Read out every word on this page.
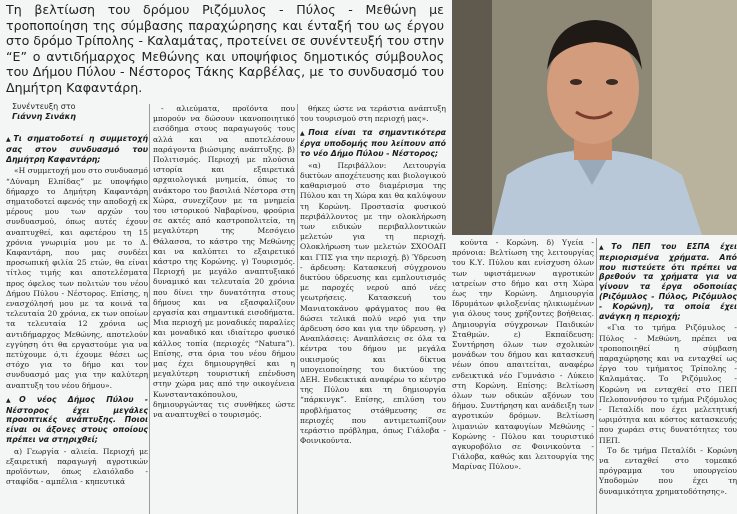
Τη βελτίωση του δρόμου Ριζόμυλος - Πύλος - Μεθώνη με τροποποίηση της σύμβασης παραχώρησης και ένταξή του ως έργου στο δρόμο Τρίπολης - Καλαμάτας, προτείνει σε συνέντευξή του στην “Ε” ο αντιδήμαρχος Μεθώνης και υποψήφιος δημοτικός σύμβουλος του Δήμου Πύλου - Νέστορος Τάκης Καρβέλας, με το συνδυασμό του Δημήτρη Καφαντάρη.
Συνέντευξη στο
Γιάννη Σινάκη

▲ Τι σηματοδοτεί η συμμετοχή σας στον συνδυασμό του Δημήτρη Καφαντάρη;

«Η συμμετοχή μου στο συνδυασμό “Δύναμη Ελπίδας” με υποψήφιο δήμαρχο το Δημήτρη Καφαντάρη σηματοδοτεί αφενός την αποδοχή εκ μέρους μου των αρχών του συνδυασμού, όπως αυτές έχουν αναπτυχθεί, και αφετέρου τη 15 χρόνια γνωριμία μου με το Δ. Καφαντάρη, που μας συνδέει προσωπική φιλία 25 ετών, θα είναι τίτλος τιμής και αποτελέσματα προς όφελος των πολιτών του νέου Δήμου Πύλου - Νέστορος. Επίσης, η ενασχόλησή μου με τα κοινά τα τελευταία 20 χρόνια, εκ των οποίων τα τελευταία 12 χρόνια ως αντιδήμαρχος Μεθώνης, αποτελούν εγγύηση ότι θα εργαστούμε για να πετύχουμε ό,τι έχουμε θέσει ως στόχο για το δήμο και τον συνδυασμό μας για την καλύτερη αναπτυξη του νέου δήμου».

▲ Ο νέος Δήμος Πύλου - Νέστορος έχει μεγάλες προοπτικές ανάπτυξης. Ποιοι είναι οι άξονες στους οποίους πρέπει να στηριχθεί;

α) Γεωργία - αλιεία. Περιοχή με εξαιρετική παραγωγή αγροτικών προϊόντων, όπως ελαιόλαδο - σταφίδα - αμπέλια - κηπευτικά

- αλιεύματα, προϊόντα που μπορούν να δώσουν ικανοποιητικό εισόδημα στους παραγωγούς τους αλλά και να αποτελέσουν παράγοντα βιώσιμης ανάπτυξης. β) Πολιτισμός. Περιοχή με πλούσια ιστορία και εξαιρετικά αρχαιολογικά μνημεία, όπως το ανάκτορο του βασιλιά Νέστορα στη Χώρα, συνεχίζουν με τα μνημεία του ιστορικού Ναβαρίνου, φρούρια σε ακτές από καστροπολιτεία, τη μεγαλύτερη της Μεσόγειο Θάλασσα, το κάστρο της Μεθώνης και να καλύπτει το εξαιρετικό κάστρο της Κορώνης. γ) Τουρισμός. Περιοχή με μεγάλο αναπτυξιακό δυναμικό και τελευταία 20 χρόνια που δίνει την δυνατότητα στους δήμους και να εξασφαλίζουν εργασία και σημαντικά εισοδήματα. Μια περιοχή με μοναδικές παραλίες και μοναδικό και ιδιαίτερο φυσικό κάλλος τοπία (περιοχές “Natura”). Επίσης, στα όρια του νέου δήμου μας έχει δημιουργηθεί και η μεγαλύτερη τουριστική επένδυση στην χώρα μας από την οικογένεια Κωνσταντακόπουλου, δημιουργώντας τις συνθήκες ώστε να αναπτυχθεί ο τουρισμός.

θήκες ώστε να τεράστια ανάπτυξη του τουρισμού στη περιοχή μας».

▲ Ποια είναι τα σημαντικότερα έργα υποδομής που λείπουν από το νέο Δήμο Πύλου - Νέστορος;

«α) Περιβάλλον: Λειτουργία δικτύων αποχέτευσης και βιολογικού καθαρισμού στο διαμέρισμα της Πύλου και τη Χώρα και θα καλύψουν τη Κορώνη. Προστασία φυσικού περιβάλλοντος με την ολοκλήρωση των ειδικών περιβαλλοντικών μελετών για τη περιοχή. Ολοκλήρωση των μελετών ΣΧΟΟΑΠ και ΓΠΣ για την περιοχή. β) Ύδρευση - άρδευση: Κατασκευή σύγχρονου δικτύου ύδρευσης και εμπλουτισμός με παροχές νερού από νέες γεωτρήσεις. Κατασκευή του Μανιατοκάνου φράγματος που θα δώσει τελικά πολύ νερό για την άρδευση όσο και για την ύδρευση. γ) Αναπλάσεις: Αναπλάσεις σε όλα τα κέντρα του δήμου με μεγάλα οικισμούς και δίκτυα υπογειοποίησης του δικτύου της ΔΕΗ. Ενδεικτικά αναφέρω το κέντρο της Πύλου και τη δημιουργία “πάρκινγκ”. Επίσης, επιλύση του προβλήματος στάθμευσης σε περιοχές που αντιμετωπίζουν τεράστιο πρόβλημα, όπως Γιάλοβα - Φοινικούντα.

κούντα - Κορώνη. δ) Υγεία - πρόνοια: Βελτίωση της λειτουργίας του Κ.Υ. Πύλου και ενίσχυση όλων των υφιστάμενων αγροτικών ιατρείων στο δήμο και στη Χώρα έως την Κορώνη. Δημιουργία Ιδρυμάτων φιλοξενίας ηλικιωμένων για όλους τους χρήζοντες βοήθειας. Δημιουργία σύγχρονων Παιδικών Σταθμών. ε) Εκπαίδευση: Συντήρηση όλων των σχολικών μονάδων του δήμου και κατασκευή νέων όπου απαιτείται, αναφέρω ενδεικτικά νέο Γυμνάσιο - Λύκειο στη Κορώνη. Επίσης: Βελτίωση όλων των οδικών αξόνων του δήμου. Συντήρηση και ανάδειξη των αγροτικών δρόμων. Βελτίωση λιμανιών καταφυγίων Μεθώνης - Κορώνης - Πύλου και τουριστικό αγκυροβόλιο σε Φοινικούντα - Γιάλοβα, καθώς και λειτουργία της Μαρίνας Πύλου».

▲ Το ΠΕΠ του ΕΣΠΑ έχει περιορισμένα χρήματα. Από που πιστεύετε ότι πρέπει να βρεθούν τα χρήματα για να γίνουν τα έργα οδοποιίας (Ριζόμυλος - Πύλος, Ριζόμυλος - Κορώνη), τα οποία έχει ανάγκη η περιοχή;

«Για το τμήμα Ριζόμυλος - Πύλος - Μεθώνη, πρέπει να τροποποιηθεί η σύμβαση παραχώρησης και να ενταχθεί ως έργο του τμήματος Τρίπολης - Καλαμάτας. Το Ριζόμυλος - Κορώνη να ενταχθεί στο ΠΕΠ Πελοποννήσου το τμήμα Ριζόμυλος - Πεταλίδι που έχει μελετητική ωριμότητα και κόστος κατασκευής που χωράει στις δυνατότητες του ΠΕΠ.

Το δε τμήμα Πεταλίδι - Κορώνη να ενταχθεί στο τομεακό πρόγραμμα του υπουργείου Υποδομών που έχει τη δυναμικότητα χρηματοδότησης».
